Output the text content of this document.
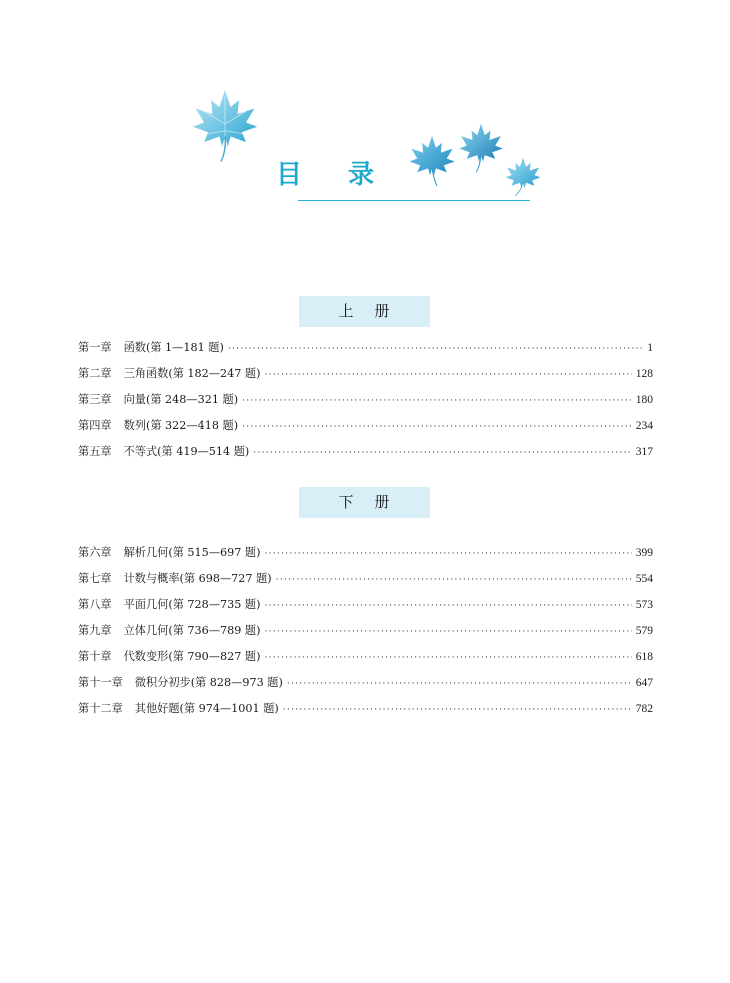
目 录
上 册
第一章 函数(第 1—181 题) ·····	1
第二章 三角函数(第 182—247 题) ·····	128
第三章 向量(第 248—321 题) ·····	180
第四章 数列(第 322—418 题) ·····	234
第五章 不等式(第 419—514 题) ·····	317
下 册
第六章 解析几何(第 515—697 题) ·····	399
第七章 计数与概率(第 698—727 题) ·····	554
第八章 平面几何(第 728—735 题) ·····	573
第九章 立体几何(第 736—789 题) ·····	579
第十章 代数变形(第 790—827 题) ·····	618
第十一章 微积分初步(第 828—973 题) ·····	647
第十二章 其他好题(第 974—1001 题) ·····	782
